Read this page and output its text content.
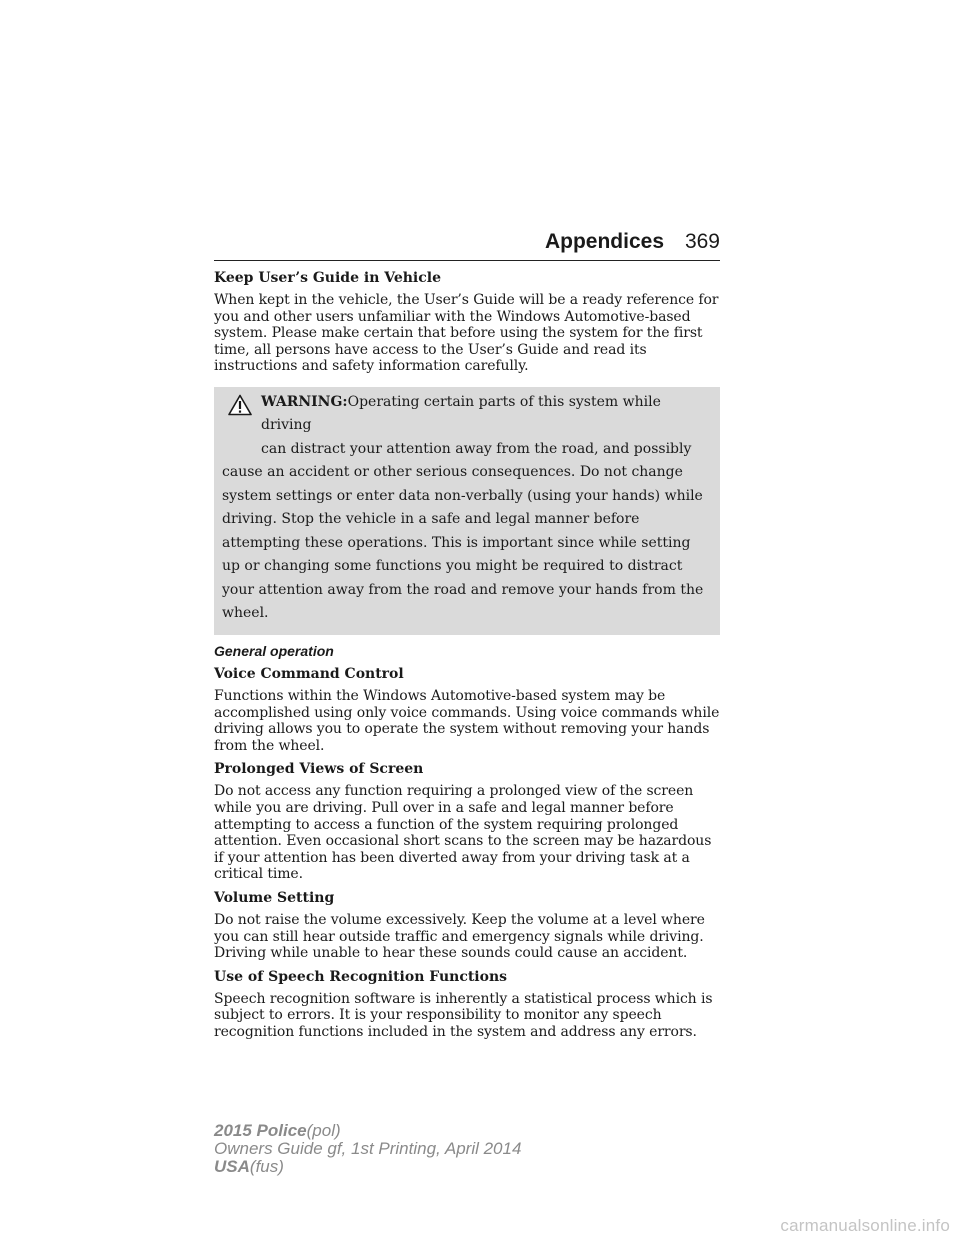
Appendices 369

Keep User’s Guide in Vehicle

When kept in the vehicle, the User’s Guide will be a ready reference for you and other users unfamiliar with the Windows Automotive-based system. Please make certain that before using the system for the first time, all persons have access to the User’s Guide and read its instructions and safety information carefully.

WARNING:Operating certain parts of this system while driving
can distract your attention away from the road, and possibly
cause an accident or other serious consequences. Do not change system settings or enter data non-verbally (using your hands) while driving. Stop the vehicle in a safe and legal manner before attempting these operations. This is important since while setting up or changing some functions you might be required to distract your attention away from the road and remove your hands from the wheel.

General operation

Voice Command Control

Functions within the Windows Automotive-based system may be accomplished using only voice commands. Using voice commands while driving allows you to operate the system without removing your hands from the wheel.

Prolonged Views of Screen

Do not access any function requiring a prolonged view of the screen while you are driving. Pull over in a safe and legal manner before attempting to access a function of the system requiring prolonged attention. Even occasional short scans to the screen may be hazardous if your attention has been diverted away from your driving task at a critical time.

Volume Setting

Do not raise the volume excessively. Keep the volume at a level where you can still hear outside traffic and emergency signals while driving. Driving while unable to hear these sounds could cause an accident.

Use of Speech Recognition Functions

Speech recognition software is inherently a statistical process which is subject to errors. It is your responsibility to monitor any speech recognition functions included in the system and address any errors.

2015 Police(pol)
Owners Guide gf, 1st Printing, April 2014
USA(fus)
carmanualsonline.info
